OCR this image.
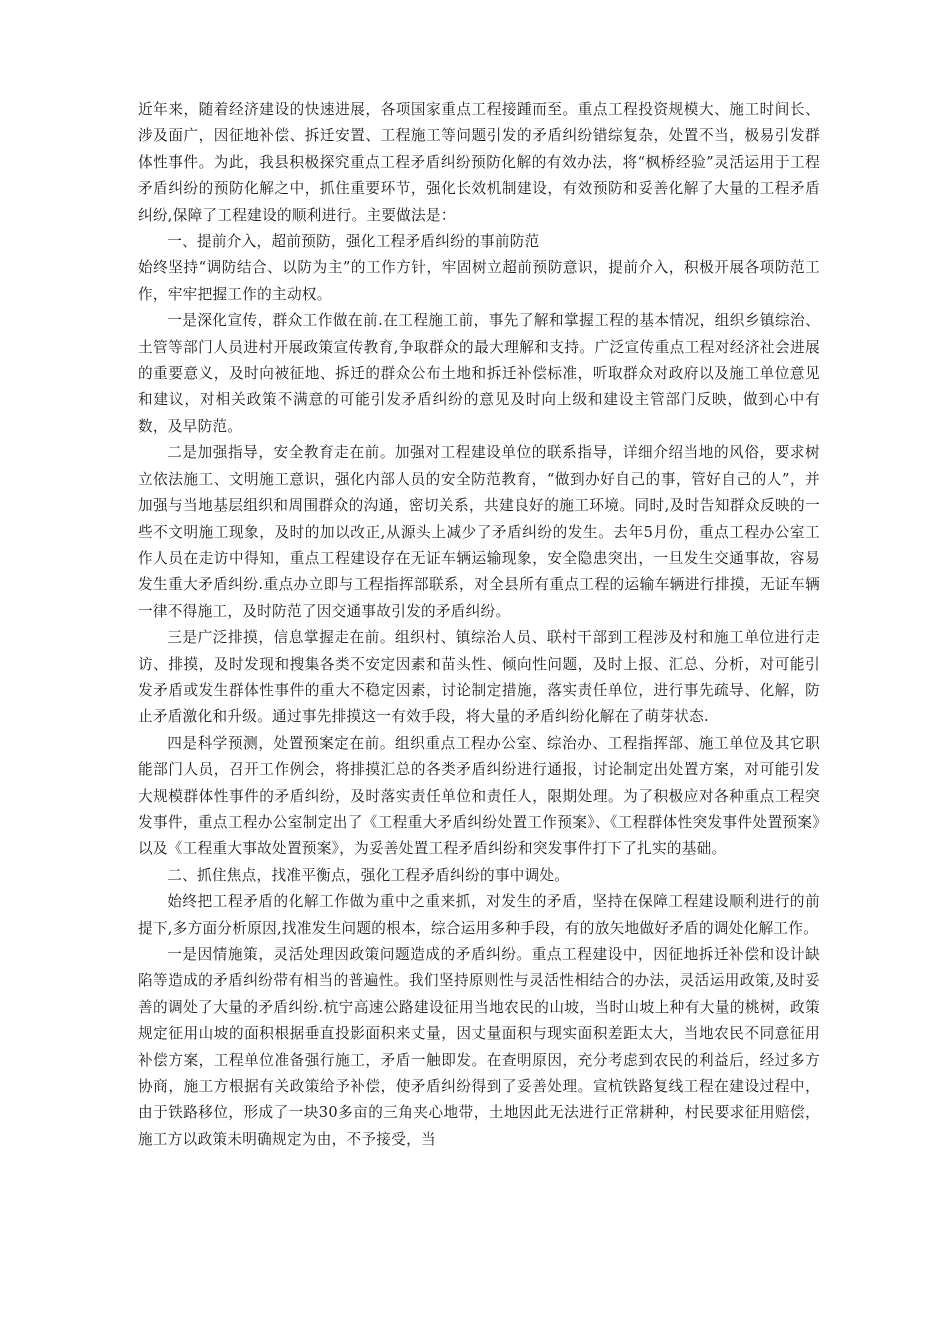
近年来，随着经济建设的快速进展，各项国家重点工程接踵而至。重点工程投资规模大、施工时间长、涉及面广，因征地补偿、拆迁安置、工程施工等问题引发的矛盾纠纷错综复杂，处置不当，极易引发群体性事件。为此，我县积极探究重点工程矛盾纠纷预防化解的有效办法，将“枫桥经验”灵活运用于工程矛盾纠纷的预防化解之中，抓住重要环节，强化长效机制建设，有效预防和妥善化解了大量的工程矛盾纠纷,保障了工程建设的顺利进行。主要做法是：

一、提前介入，超前预防，强化工程矛盾纠纷的事前防范

始终坚持“调防结合、以防为主”的工作方针，牢固树立超前预防意识，提前介入，积极开展各项防范工作，牢牢把握工作的主动权。

一是深化宣传，群众工作做在前.在工程施工前，事先了解和掌握工程的基本情况，组织乡镇综治、土管等部门人员进村开展政策宣传教育,争取群众的最大理解和支持。广泛宣传重点工程对经济社会进展的重要意义，及时向被征地、拆迁的群众公布土地和拆迁补偿标准，听取群众对政府以及施工单位意见和建议，对相关政策不满意的可能引发矛盾纠纷的意见及时向上级和建设主管部门反映，做到心中有数，及早防范。

二是加强指导，安全教育走在前。加强对工程建设单位的联系指导，详细介绍当地的风俗，要求树立依法施工、文明施工意识，强化内部人员的安全防范教育，“做到办好自己的事，管好自己的人”，并加强与当地基层组织和周围群众的沟通，密切关系，共建良好的施工环境。同时,及时告知群众反映的一些不文明施工现象，及时的加以改正,从源头上减少了矛盾纠纷的发生。去年5月份，重点工程办公室工作人员在走访中得知，重点工程建设存在无证车辆运输现象，安全隐患突出，一旦发生交通事故，容易发生重大矛盾纠纷.重点办立即与工程指挥部联系，对全县所有重点工程的运输车辆进行排摸，无证车辆一律不得施工，及时防范了因交通事故引发的矛盾纠纷。

三是广泛排摸，信息掌握走在前。组织村、镇综治人员、联村干部到工程涉及村和施工单位进行走访、排摸，及时发现和搜集各类不安定因素和苗头性、倾向性问题，及时上报、汇总、分析，对可能引发矛盾或发生群体性事件的重大不稳定因素，讨论制定措施，落实责任单位，进行事先疏导、化解，防止矛盾激化和升级。通过事先排摸这一有效手段，将大量的矛盾纠纷化解在了萌芽状态.

四是科学预测，处置预案定在前。组织重点工程办公室、综治办、工程指挥部、施工单位及其它职能部门人员，召开工作例会，将排摸汇总的各类矛盾纠纷进行通报，讨论制定出处置方案，对可能引发大规模群体性事件的矛盾纠纷，及时落实责任单位和责任人，限期处理。为了积极应对各种重点工程突发事件，重点工程办公室制定出了《工程重大矛盾纠纷处置工作预案》、《工程群体性突发事件处置预案》以及《工程重大事故处置预案》，为妥善处置工程矛盾纠纷和突发事件打下了扎实的基础。

二、抓住焦点，找准平衡点，强化工程矛盾纠纷的事中调处。

始终把工程矛盾的化解工作做为重中之重来抓，对发生的矛盾，坚持在保障工程建设顺利进行的前提下,多方面分析原因,找准发生问题的根本，综合运用多种手段，有的放矢地做好矛盾的调处化解工作。

一是因情施策，灵活处理因政策问题造成的矛盾纠纷。重点工程建设中，因征地拆迁补偿和设计缺陷等造成的矛盾纠纷带有相当的普遍性。我们坚持原则性与灵活性相结合的办法，灵活运用政策,及时妥善的调处了大量的矛盾纠纷.杭宁高速公路建设征用当地农民的山坡，当时山坡上种有大量的桃树，政策规定征用山坡的面积根据垂直投影面积来丈量，因丈量面积与现实面积差距太大，当地农民不同意征用补偿方案，工程单位准备强行施工，矛盾一触即发。在查明原因，充分考虑到农民的利益后，经过多方协商，施工方根据有关政策给予补偿，使矛盾纠纷得到了妥善处理。宣杭铁路复线工程在建设过程中，由于铁路移位，形成了一块30多亩的三角夹心地带，土地因此无法进行正常耕种，村民要求征用赔偿，施工方以政策未明确规定为由，不予接受，当
